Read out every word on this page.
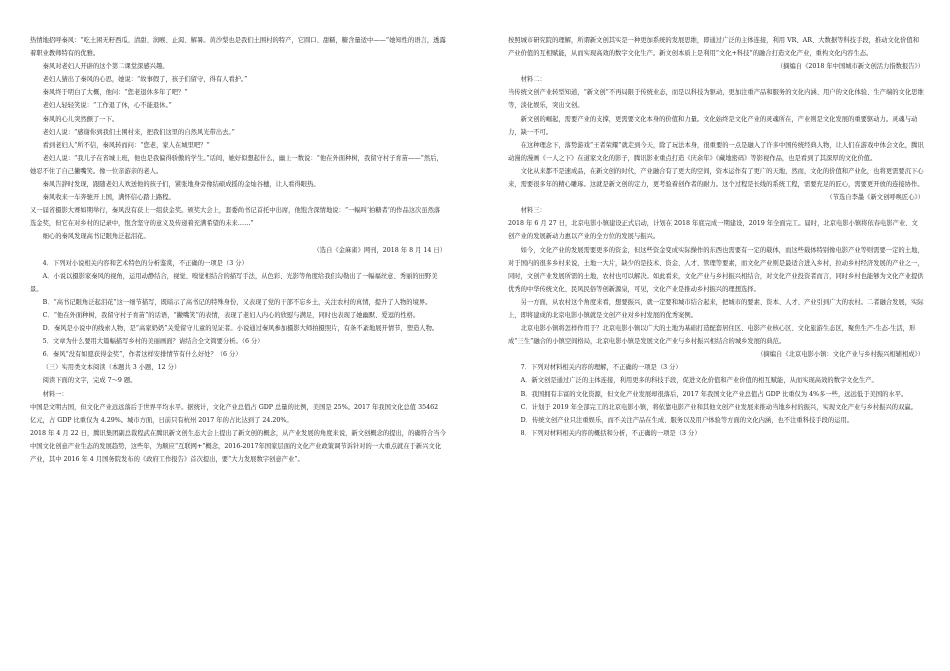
热情地招呼秦风：“吃土困无籽西瓜、清甜、润喉、止渴、解暑。黄沙梨也是我们土围村的特产，它圆口、甜糯，糖含量适中——”她知性的语言，透露着职业教师特有的优雅。

秦风对老妇人开辟的这个第二课堂深感兴趣。

老妇人猜出了秦风的心思，她说：“故事假了，孩子们留守，得有人看护。”

秦风终于明白了大概，他问：“您老退休多年了吧？”

老妇人轻轻笑说：“工作退了休，心不能退休。”

秦风的心儿突然颤了一下。

老妇人说：“感谢你到我们土围村来，把我们这里的自然风光带出去。”

看到老妇人“所不信，秦风转而问：“您老，家人在城里吧？”

老妇人说：“我儿子在省城上班，他也是我偏得骄傲的学生。”话间，她好似想起什么，幽上一数说：“他在外面种树，我留守村子育苗——”然后，她忍不住了自己撇嘴笑。像一位亲游亲的老人。

秦风告辞时发现，跟随老妇人欢送他的孩子们，紧张地身旁像结硕成摇的金灿谷穗，让人看得眼热。

秦风收来一车奔驰开上国，满怀信心踏上路程。

又一届省摄影大赛如期举行，秦风没有获上一组获金奖。颁奖大会上，套委尚书记首托中出席，他饱含深情地说：“一幅叫‘拍糖者’的作品这次虽然落选金奖，但它在对乡村的记录中，饱含坚守的意义及传递着充满希望的未来……”

细心的秦风发现高书记眼角泛起泪花。

（选自《金麻雀》网刊，2018 年 8 月 14 日）

4．下列对小说相关内容和艺术特色的分析鉴赏，不正确的一项是（3 分）

A．小说以摄影家秦风的视角，运用动静结合，视觉、嗅觉相结合的描写手法，从色彩、光影等角度给我们勾勒出了一幅福丝意、秀丽的田野美景。

B．“高书记眼角泛起泪花”这一细节描写，既暗示了高书记的特殊身份，又表现了党的干部不忘乡土，关注农村的真情，提升了人物的境界。

C．“他在外面种树，我留守村子育苗”的话语，“撇嘴笑”的表情，表现了老妇人内心的欣慰与满足，同时也表现了她幽默、爱逗的性格。

D．秦风是小说中的线索人物，是“高家奶奶”关爱留守儿童的见证者。小说通过秦风参加摄影大师拍摄照片，有条不紊地展开情节，塑造人物。

5．文章为什么要用大篇幅描写乡村的美丽画面？请结合全文简要分析。（6 分）

6．秦风“没有如愿获得金奖”，作者这样安排情节有什么好处？（6 分）

（三）实用类文本阅读（本题共 3 小题，12 分）

阅读下面的文字，完成 7～9 题。

材料一：

中国是文明古国，但文化产业远远落后于世界平均水平。据统计，文化产业总值占 GDP 总量的比例，美国是 25%。2017 年我国文化总值 35462 亿元，占 GDP 比重仅为 4.29%。城市方面，日前只有杭州 2017 年的占比达到了 24.20%。

2018 年 4 月 22 日，腾讯集团副总裁程武在腾讯新文创生态大会上提出了新文创的概念，从产业发展的角度来说，新文创概念的提出，的确符合当今中国文化创意产业生态的发展趋势，这些年，为顺应“互联网+”概念，2016-2017年国家层面的文化产业政策调节诉针对的一大重点就在于新兴文化产业，其中 2016 年 4 月国务院发布的《政府工作报告》首次提出，要“大力发展数字创意产业”。

按照城市研究院的理解，所谓新文创其实是一种更加系统的发展思维，即通过广泛的主体连接，利用 VR、AR、大数据等科技手段，推动文化价值和产业价值的互相赋能，从而实现高效的数字文化生产。新文创本质上是利用“文化+科技”的融合打造文化产业，重构文化内容生态。

（摘编自《2018 年中国城市新文创活力指数报告》）

材料二：

当传统文创产业转型知道，“新文创”不再局限于传统业态，而是以科技为驱动，更加注重产品和服务的文化内涵、用户的文化体验、生产端的文化思维等，淡化娱乐，突出文创。

新文创的崛起，需要产业的支撑，更需要文化本身的价值和力量。文化始终是文化产业的灵魂所在，产业则是文化发展的重要驱动力。灵魂与动力，缺一不可。

在这种理念下，落势游戏“王者荣耀”就走到今天，除了玩法本身，很重要的一点是融入了许多中国传统经典人物，让人们在游戏中体会文化，腾讯动漫的漫画《一人之下》在道家文化的影子，腾讯影业重点打造《庆余年》《藏地密码》等影视作品，也是看到了其深厚的文化价值。

文化从来都不是速成品，在新文创的时代，产业融合有了更大的空间，资本运作有了更广的天地，然而，文化的价值和产业化，也将更需要沉下心来，需要很多年的精心雕琢。这就是新文创的定力，更考验着创作者的耐力。这个过程是长线的系统工程，需要充足的匠心，需要更开放的连接协作。

（节选自李墨《新文创呼唤匠心》）

材料三：

2018 年 6 月 27 日，北京电影小镇建设正式启动，计划在 2018 年底完成一期建设，2019 年全面完工。届时，北京电影小镇将依春电影产业、文创产业的发展新动力惠以产业的全方位的发展与振兴。

如今，文化产业的发展需要更多的资金，但这些资金变成实际操作的东西也需要有一定的载体，而这些载体特别像电影产业等则需要一定的土地，对于国内的很多乡村来说，土地一大片，缺少的是技术、资金、人才、管理等要素，而文化产业则是最适合进入乡村，拉动乡村经济发展的产业之一，同时，文创产业发展所需的土地，农村也可以解决。如此看来，文化产业与乡村振兴相结合，对文化产业投资者而言，同时乡村也能够为文化产业提供优秀的中华传统文化、民风民俗等创新源泉，可见，文化产业是推动乡村振兴的理想选择。

另一方面，从农村这个角度来看，想要振兴，就一定要和城市结合起来，把城市的要素、资本、人才、产业引到广大的农村。二者融合发展，实际上，即将建成的北京电影小镇就是文创产业对乡村发展的优秀案例。

北京电影小镇将怎样作用于？北京电影小镇以广大的土地为基础打造配套居住区、电影产业核心区、文化旅游生态区，聚焦生产-生态-生活，形成“三生”融合的小镇空间格局，北京电影小镇是发展文化产业与乡村振兴相结合的城乡发展的典范。

（摘编自《北京电影小镇：文化产业与乡村振兴相辅相成》）

7．下列对材料相关内容的理解，不正确的一项是（3 分）

A．新文创是通过广泛的主体连接，利用更多的科技手段，促进文化价值和产业价值的相互赋能，从而实现高效的数字文化生产。

B．我国拥有丰富的文化资源，但文化产业发展却很落后，2017 年我国文化产业总值占 GDP 比重仅为 4%多一些，远远低于美国的水平。

C．计划于 2019 年全部完工的北京电影小镇，将依靠电影产业和其他文创产业发展来推动当地乡村的振兴，实现文化产业与乡村振兴的双赢。

D．传统文创产业只注重娱乐，而不关注产品在生成、服务以及用户体验等方面的文化内涵，也不注重科技手段的运用。

8．下列对材料相关内容的概括和分析，不正确的一项是（3 分）
